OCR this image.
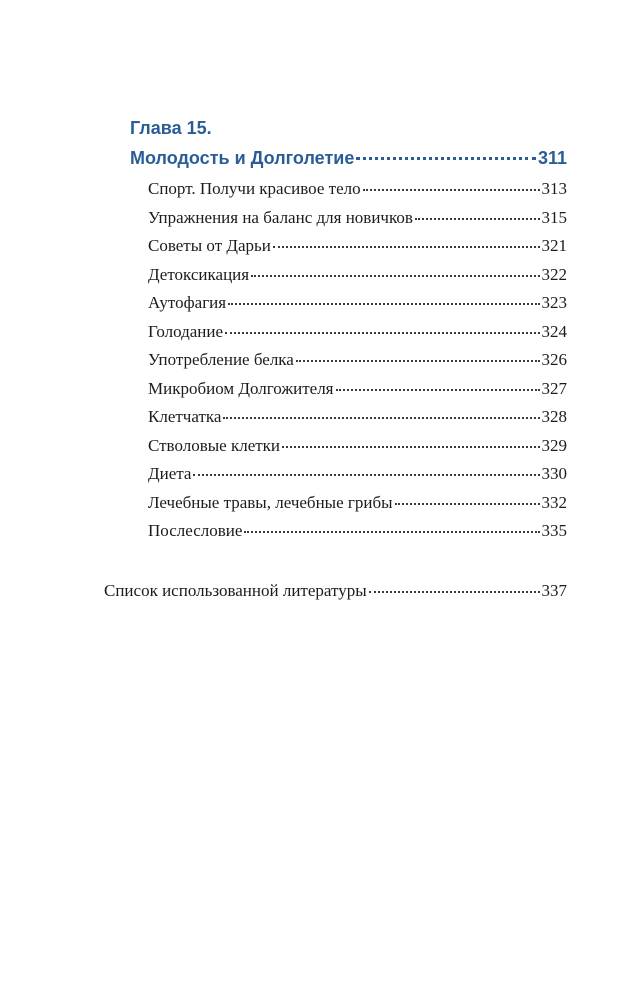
Глава 15.
Молодость и Долголетие	311
Спорт. Получи красивое тело	313
Упражнения на баланс для новичков	315
Советы от Дарьи	321
Детоксикация	322
Аутофагия	323
Голодание	324
Употребление белка	326
Микробиом Долгожителя	327
Клетчатка	328
Стволовые клетки	329
Диета	330
Лечебные травы, лечебные грибы	332
Послесловие	335
Список использованной литературы	337
